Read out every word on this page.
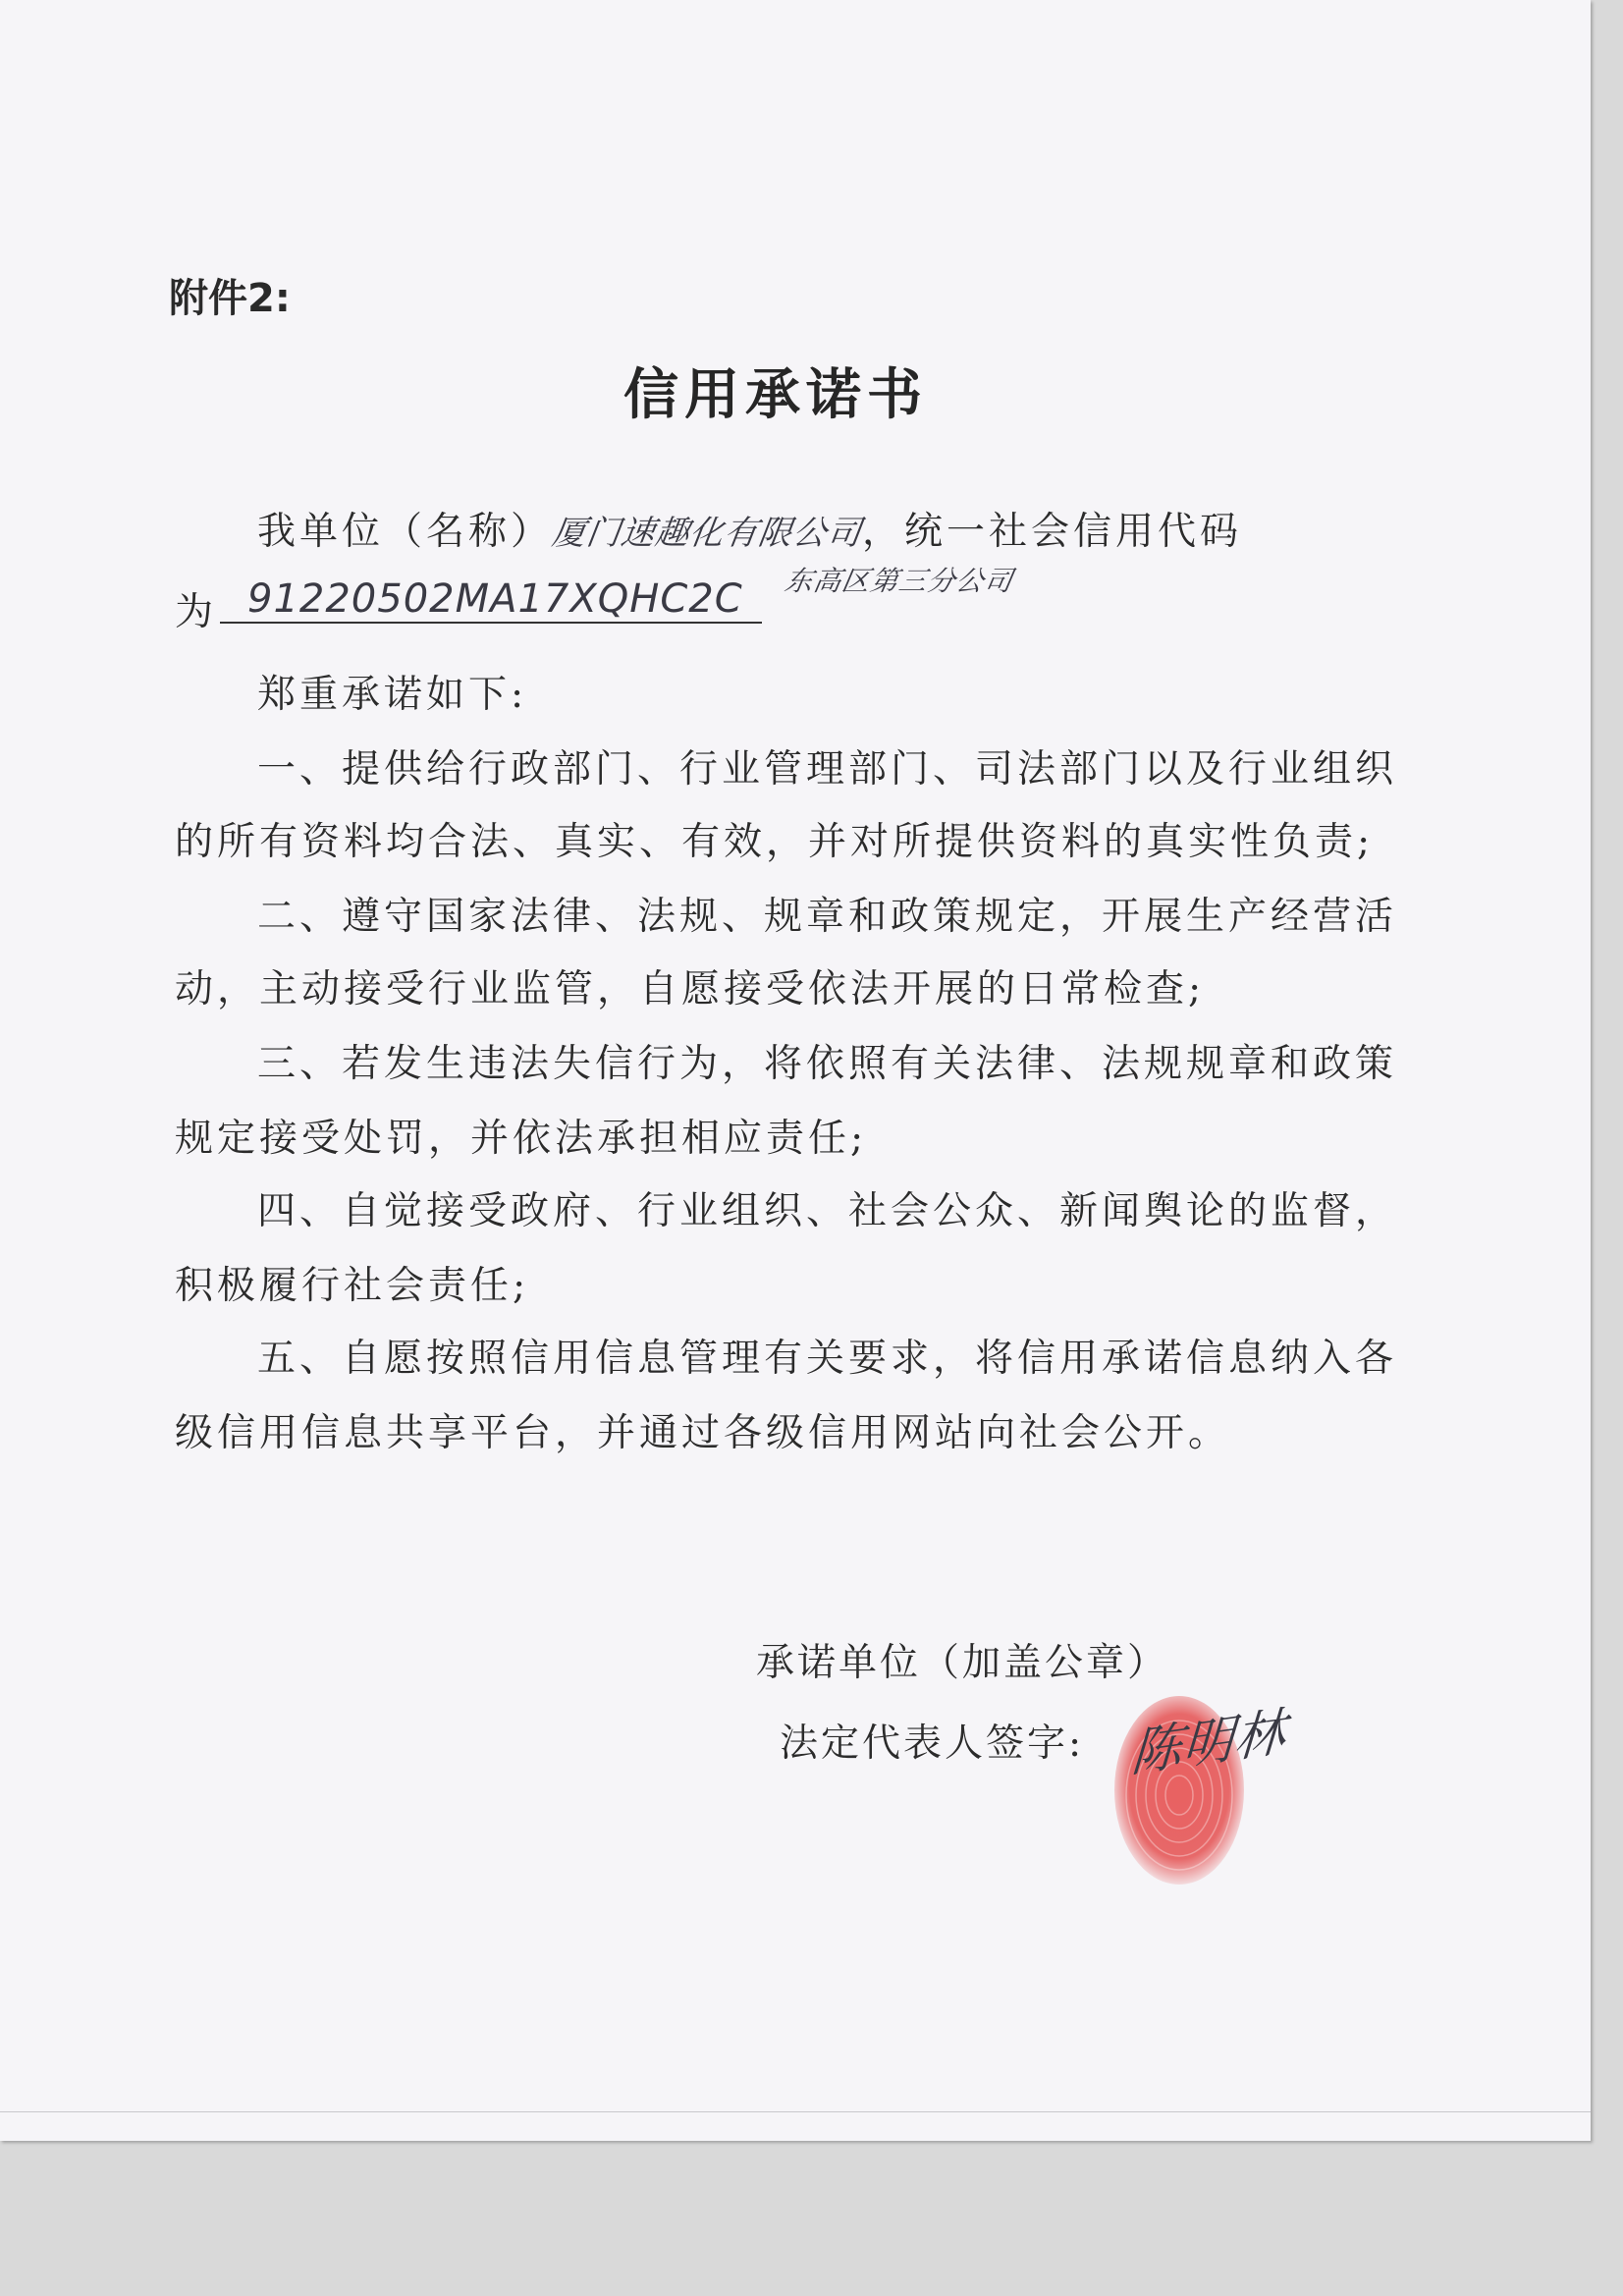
附件2:
信用承诺书
我单位（名称）厦门速趣化有限公司，统一社会信用代码
东高区第三分公司
为 91220502MA17XQHC2C
郑重承诺如下:
一、提供给行政部门、行业管理部门、司法部门以及行业组织
的所有资料均合法、真实、有效，并对所提供资料的真实性负责;
二、遵守国家法律、法规、规章和政策规定，开展生产经营活
动，主动接受行业监管，自愿接受依法开展的日常检查;
三、若发生违法失信行为，将依照有关法律、法规规章和政策
规定接受处罚，并依法承担相应责任;
四、自觉接受政府、行业组织、社会公众、新闻舆论的监督，
积极履行社会责任;
五、自愿按照信用信息管理有关要求，将信用承诺信息纳入各
级信用信息共享平台，并通过各级信用网站向社会公开。
承诺单位（加盖公章）
法定代表人签字: 陈明林
